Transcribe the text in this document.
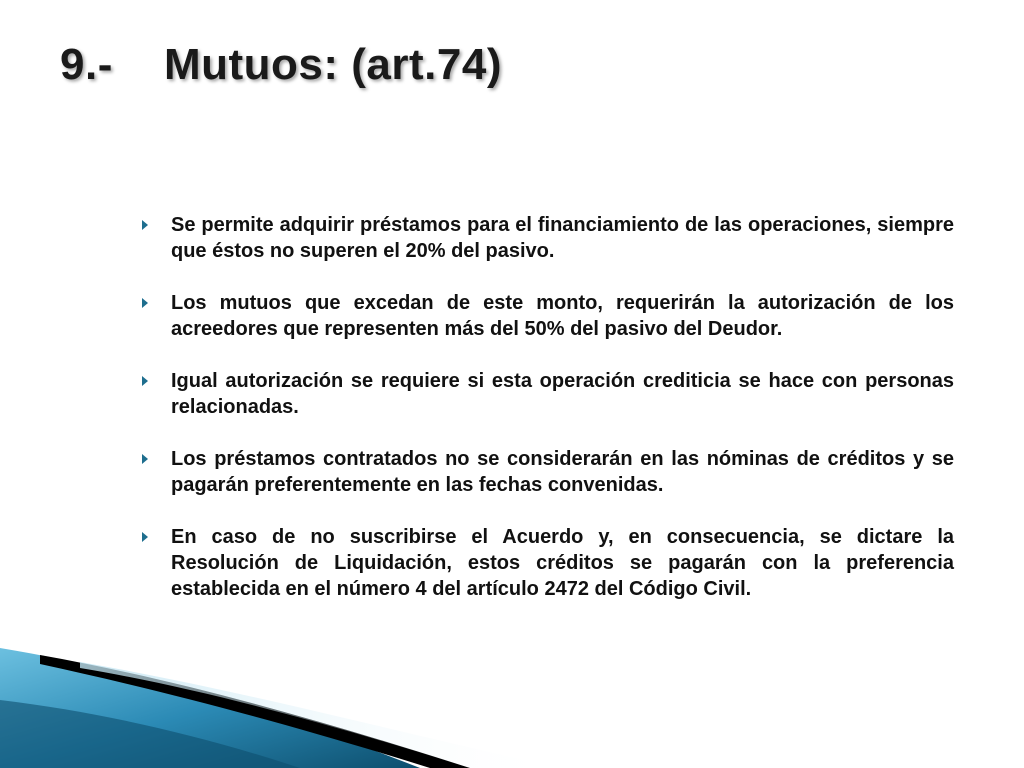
9.- Mutuos: (art.74)
Se permite adquirir préstamos para el financiamiento de las operaciones, siempre que éstos no superen el 20% del pasivo.
Los mutuos que excedan de este monto, requerirán la autorización de los acreedores que representen más del 50% del pasivo del Deudor.
Igual autorización se requiere si esta operación crediticia se hace con personas relacionadas.
Los préstamos contratados no se considerarán en las nóminas de créditos y se pagarán preferentemente en las fechas convenidas.
En caso de no suscribirse el Acuerdo y, en consecuencia, se dictare la Resolución de Liquidación, estos créditos se pagarán con la preferencia establecida en el número 4 del artículo 2472 del Código Civil.
